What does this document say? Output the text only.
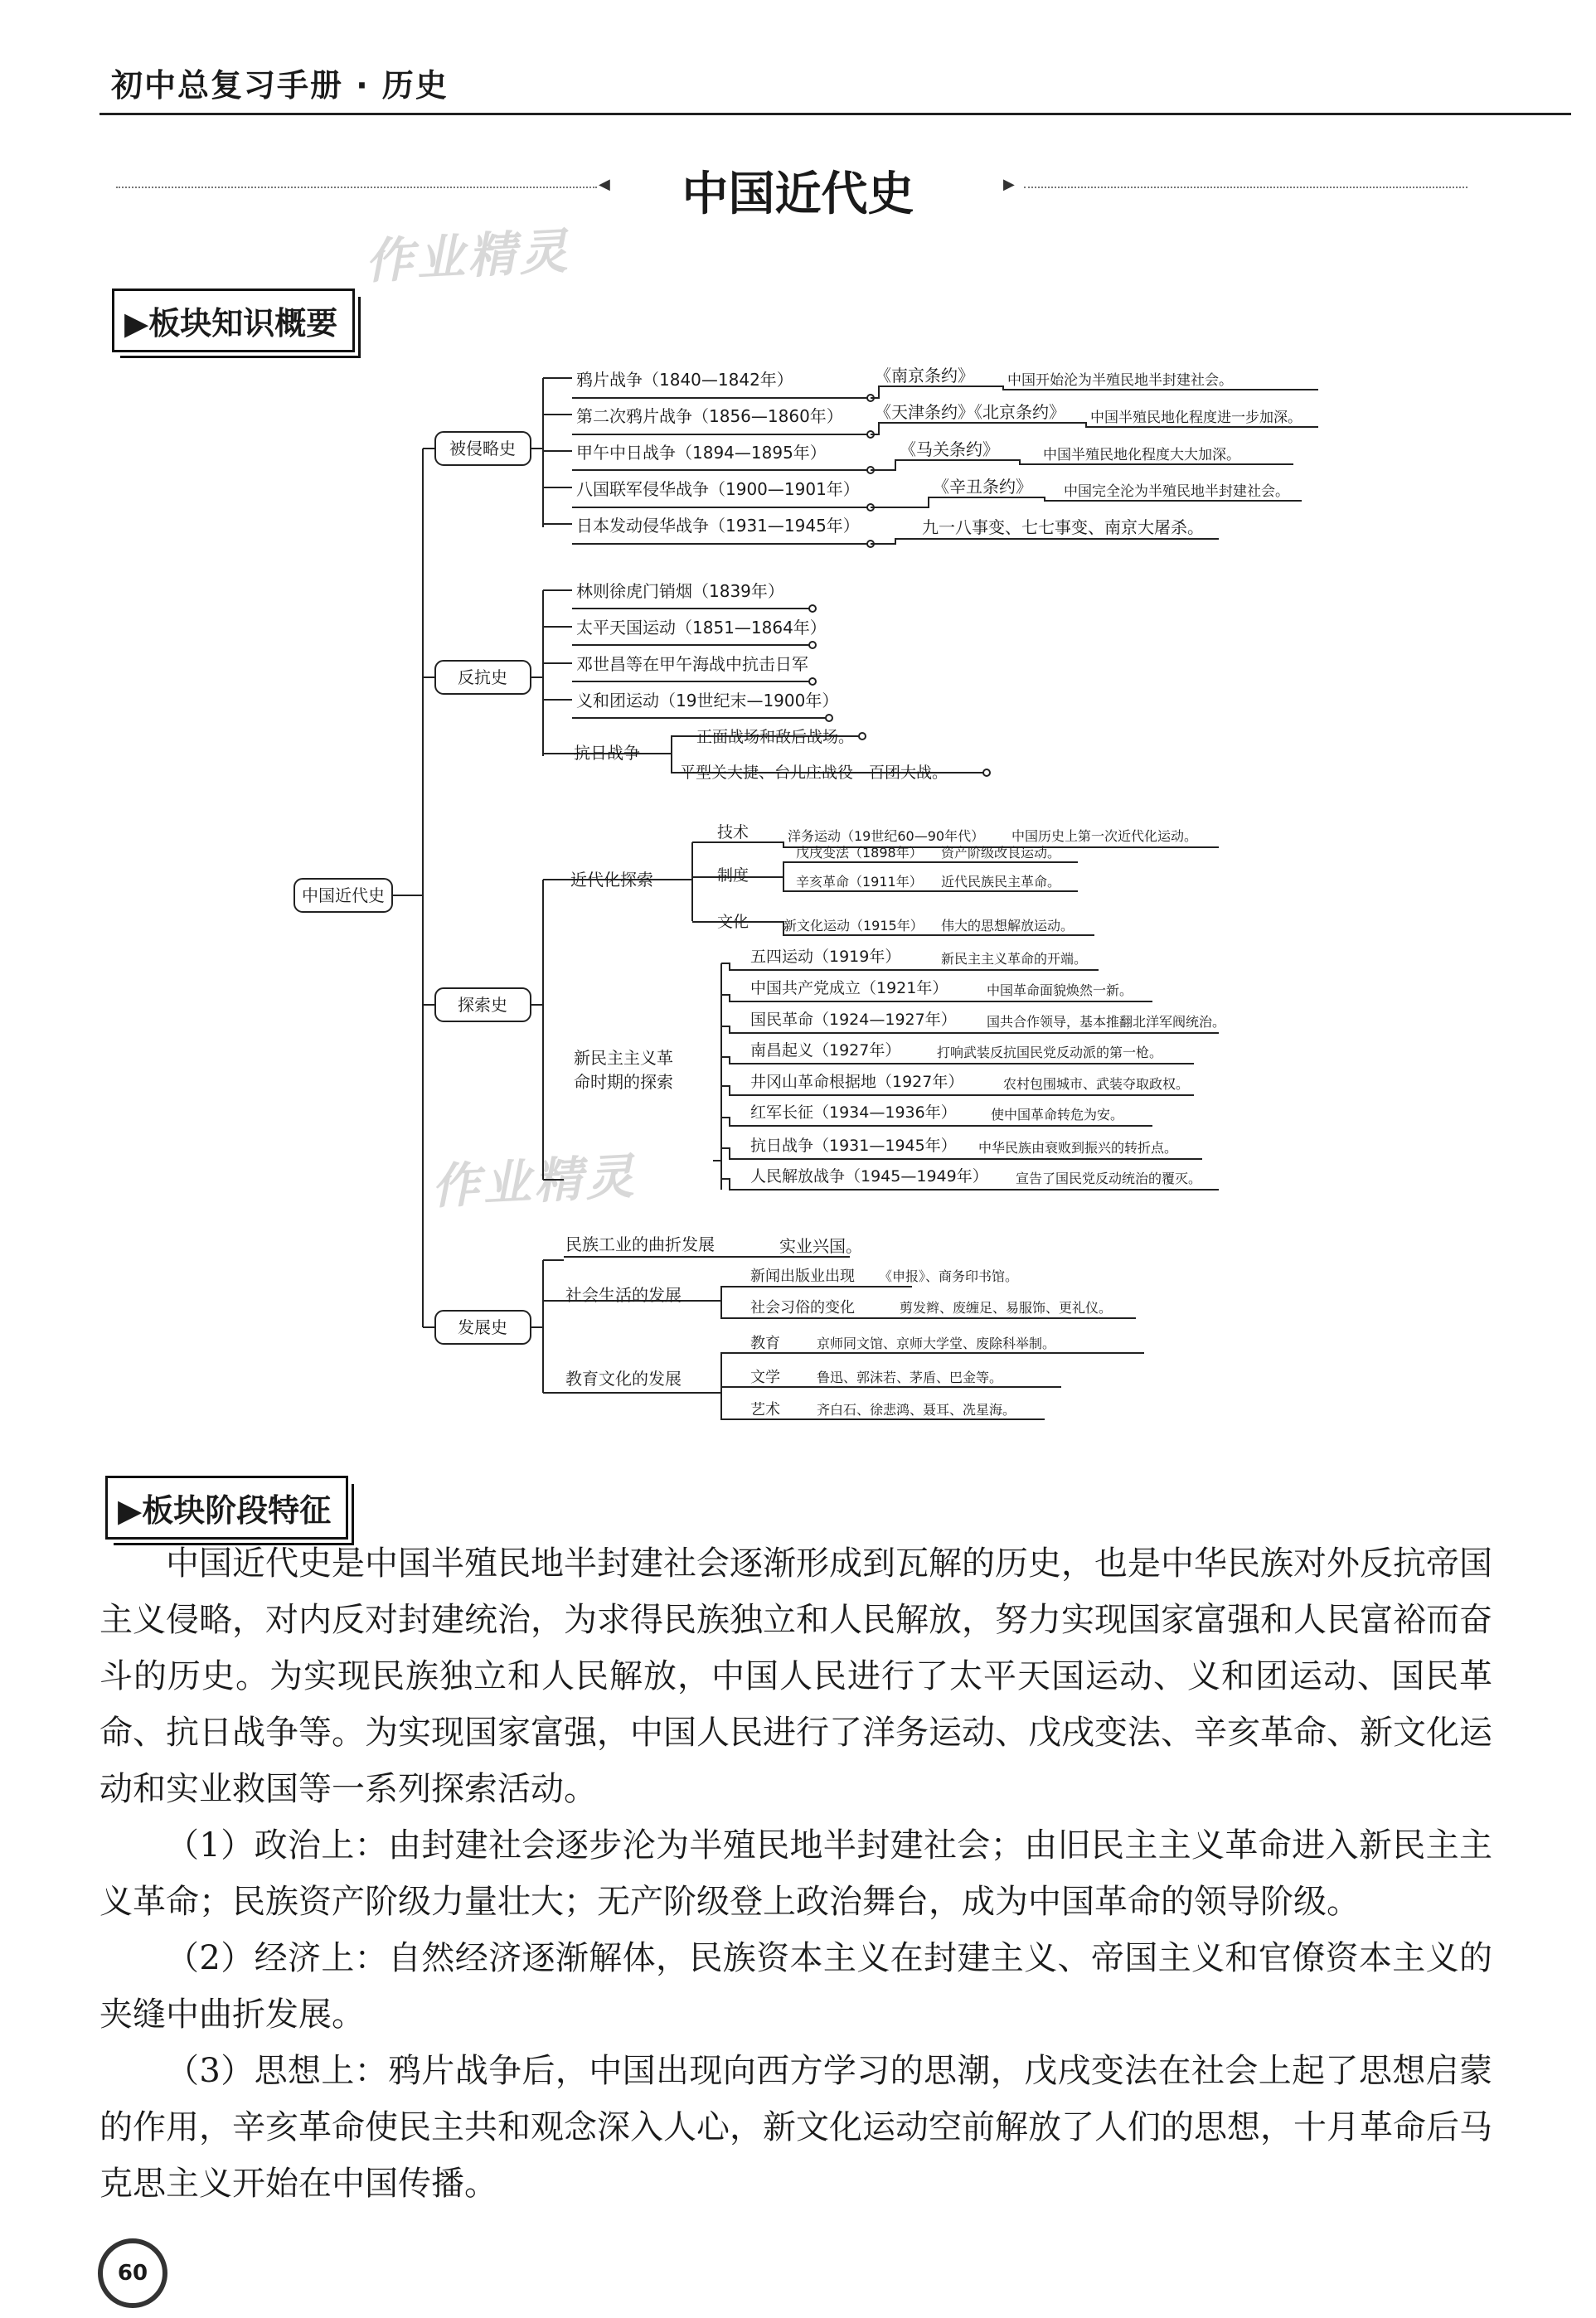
初中总复习手册 · 历史
◀	中国近代史	▶
作业精灵
作业精灵
▶板块知识概要
中国近代史
被侵略史
反抗史
探索史
发展史
鸦片战争（1840—1842年）
第二次鸦片战争（1856—1860年）
甲午中日战争（1894—1895年）
八国联军侵华战争（1900—1901年）
日本发动侵华战争（1931—1945年）
《南京条约》
《天津条约》《北京条约》
《马关条约》
《辛丑条约》
中国开始沦为半殖民地半封建社会。
中国半殖民地化程度进一步加深。
中国半殖民地化程度大大加深。
中国完全沦为半殖民地半封建社会。
九一八事变、七七事变、南京大屠杀。
林则徐虎门销烟（1839年）
太平天国运动（1851—1864年）
邓世昌等在甲午海战中抗击日军
义和团运动（19世纪末—1900年）
抗日战争
正面战场和敌后战场。
平型关大捷、台儿庄战役　百团大战。
近代化探索
技术
制度
文化
洋务运动（19世纪60—90年代） 中国历史上第一次近代化运动。
戊戌变法（1898年） 资产阶级改良运动。
辛亥革命（1911年） 近代民族民主革命。
新文化运动（1915年） 伟大的思想解放运动。
新民主主义革
命时期的探索
五四运动（1919年）
中国共产党成立（1921年）
国民革命（1924—1927年）
南昌起义（1927年）
井冈山革命根据地（1927年）
红军长征（1934—1936年）
抗日战争（1931—1945年）
人民解放战争（1945—1949年）
新民主主义革命的开端。
中国革命面貌焕然一新。
国共合作领导，基本推翻北洋军阀统治。
打响武装反抗国民党反动派的第一枪。
农村包围城市、武装夺取政权。
使中国革命转危为安。
中华民族由衰败到振兴的转折点。
宣告了国民党反动统治的覆灭。
民族工业的曲折发展	实业兴国。
社会生活的发展
教育文化的发展
新闻出版业出现 《申报》、商务印书馆。
社会习俗的变化	剪发辫、废缠足、易服饰、更礼仪。
教育	京师同文馆、京师大学堂、废除科举制。
文学	鲁迅、郭沫若、茅盾、巴金等。
艺术	齐白石、徐悲鸿、聂耳、冼星海。
▶板块阶段特征

中国近代史是中国半殖民地半封建社会逐渐形成到瓦解的历史，也是中华民族对外反抗帝国主义侵略，对内反对封建统治，为求得民族独立和人民解放，努力实现国家富强和人民富裕而奋斗的历史。为实现民族独立和人民解放，中国人民进行了太平天国运动、义和团运动、国民革命、抗日战争等。为实现国家富强，中国人民进行了洋务运动、戊戌变法、辛亥革命、新文化运动和实业救国等一系列探索活动。

（1）政治上：由封建社会逐步沦为半殖民地半封建社会；由旧民主主义革命进入新民主主义革命；民族资产阶级力量壮大；无产阶级登上政治舞台，成为中国革命的领导阶级。

（2）经济上：自然经济逐渐解体，民族资本主义在封建主义、帝国主义和官僚资本主义的夹缝中曲折发展。

（3）思想上：鸦片战争后，中国出现向西方学习的思潮，戊戌变法在社会上起了思想启蒙的作用，辛亥革命使民主共和观念深入人心，新文化运动空前解放了人们的思想，十月革命后马克思主义开始在中国传播。

60
